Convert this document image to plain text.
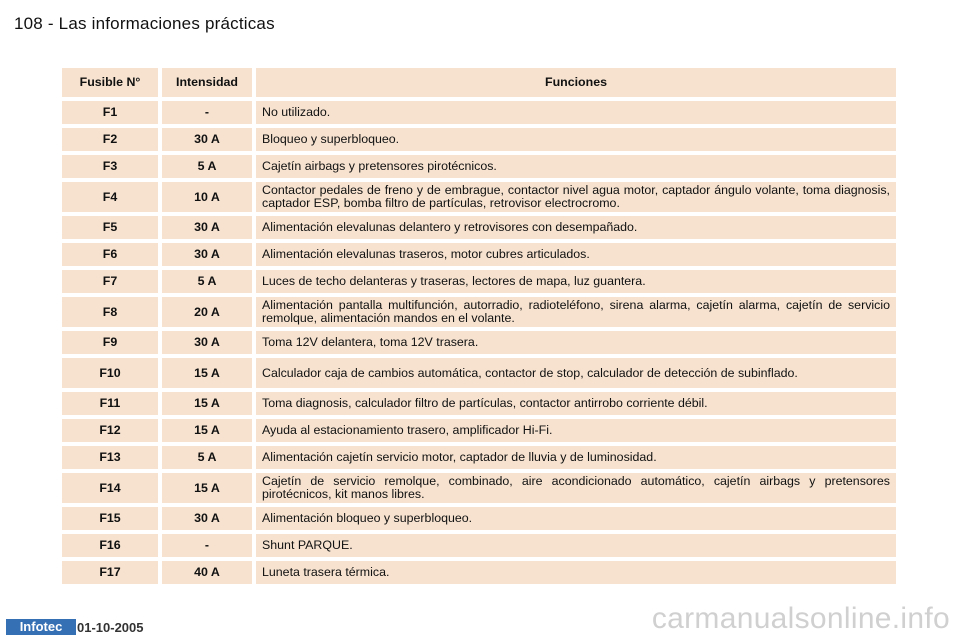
108 - Las informaciones prácticas
Fusible N°	Intensidad	Funciones
F1	-	No utilizado.
F2	30 A	Bloqueo y superbloqueo.
F3	5 A	Cajetín airbags y pretensores pirotécnicos.
F4	10 A	Contactor pedales de freno y de embrague, contactor nivel agua motor, captador ángulo volante, toma diagnosis, captador ESP, bomba filtro de partículas, retrovisor electrocromo.
F5	30 A	Alimentación elevalunas delantero y retrovisores con desempañado.
F6	30 A	Alimentación elevalunas traseros, motor cubres articulados.
F7	5 A	Luces de techo delanteras y traseras, lectores de mapa, luz guantera.
F8	20 A	Alimentación pantalla multifunción, autorradio, radioteléfono, sirena alarma, cajetín alarma, cajetín de servicio remolque, alimentación mandos en el volante.
F9	30 A	Toma 12V delantera, toma 12V trasera.
F10	15 A	Calculador caja de cambios automática, contactor de stop, calculador de detección de subinflado.
F11	15 A	Toma diagnosis, calculador filtro de partículas, contactor antirrobo corriente débil.
F12	15 A	Ayuda al estacionamiento trasero, amplificador Hi-Fi.
F13	5 A	Alimentación cajetín servicio motor, captador de lluvia y de luminosidad.
F14	15 A	Cajetín de servicio remolque, combinado, aire acondicionado automático, cajetín airbags y pretensores pirotécnicos, kit manos libres.
F15	30 A	Alimentación bloqueo y superbloqueo.
F16	-	Shunt PARQUE.
F17	40 A	Luneta trasera térmica.
Infotec	01-10-2005	carmanualsonline.info
